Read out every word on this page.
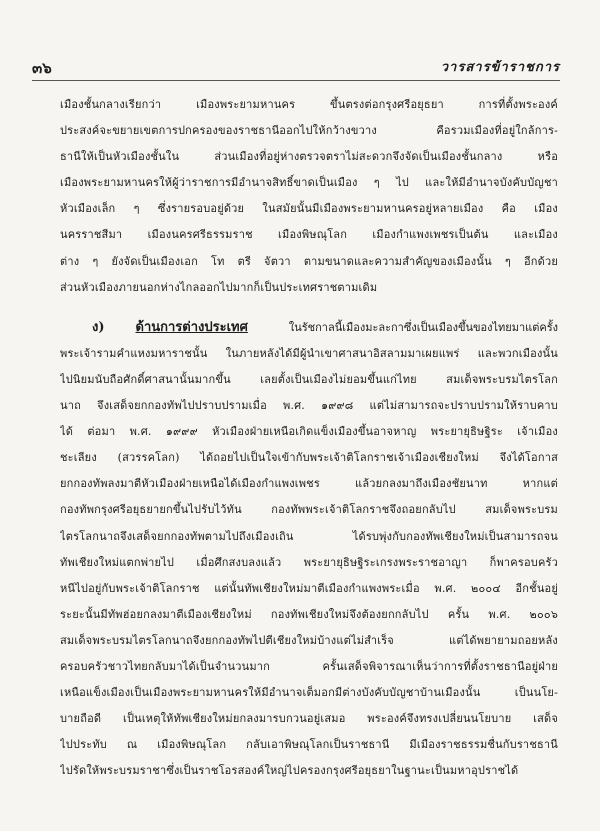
๓๖	วารสารข้าราชการ
เมืองชั้นกลางเรียกว่า เมืองพระยามหานคร ขึ้นตรงต่อกรุงศรีอยุธยา การที่ตั้งพระองค์
ประสงค์จะขยายเขตการปกครองของราชธานีออกไปให้กว้างขวาง คือรวมเมืองที่อยู่ใกล้การ-
ธานีให้เป็นหัวเมืองชั้นใน ส่วนเมืองที่อยู่ห่างตรวจตราไม่สะดวกจึงจัดเป็นเมืองชั้นกลาง หรือ
เมืองพระยามหานครให้ผู้ว่าราชการมีอำนาจสิทธิ์ขาดเป็นเมือง ๆ ไป และให้มีอำนาจบังคับบัญชา
หัวเมืองเล็ก ๆ ซึ่งรายรอบอยู่ด้วย ในสมัยนั้นมีเมืองพระยามหานครอยู่หลายเมือง คือ เมือง
นครราชสีมา เมืองนครศรีธรรมราช เมืองพิษณุโลก เมืองกำแพงเพชรเป็นต้น และเมือง
ต่าง ๆ ยังจัดเป็นเมืองเอก โท ตรี จัตวา ตามขนาดและความสำคัญของเมืองนั้น ๆ อีกด้วย
ส่วนหัวเมืองภายนอกห่างไกลออกไปมากก็เป็นประเทศราชตามเดิม
ง) ด้านการต่างประเทศ	ในรัชกาลนี้เมืองมะละกาซึ่งเป็นเมืองขึ้นของไทยมาแต่ครั้ง
พระเจ้ารามคำแหงมหาราชนั้น ในภายหลังได้มีผู้นำเขาศาสนาอิสลามมาเผยแพร่ และพวกเมืองนั้น
ไปนิยมนับถือศักดิ์ศาสนานั้นมากขึ้น เลยตั้งเป็นเมืองไม่ยอมขึ้นแก่ไทย สมเด็จพระบรมไตรโลก
นาถ จึงเสด็จยกกองทัพไปปราบปรามเมื่อ พ.ศ. ๑๙๙๘ แต่ไม่สามารถจะปราบปรามให้ราบคาบ
ได้ ต่อมา พ.ศ. ๑๙๙๙ หัวเมืองฝ่ายเหนือเกิดแข็งเมืองขึ้นอาจหาญ พระยายุธิษฐิระ เจ้าเมือง
ชะเลียง (สวรรคโลก) ได้ถอยไปเป็นใจเข้ากับพระเจ้าติโลกราชเจ้าเมืองเชียงใหม่ จึงได้โอกาส
ยกกองทัพลงมาตีหัวเมืองฝ่ายเหนือได้เมืองกำแพงเพชร แล้วยกลงมาถึงเมืองชัยนาท หากแต่
กองทัพกรุงศรีอยุธยายกขึ้นไปรับไว้ทัน กองทัพพระเจ้าติโลกราชจึงถอยกลับไป สมเด็จพระบรม
ไตรโลกนาถจึงเสด็จยกกองทัพตามไปถึงเมืองเถิน ได้รบพุ่งกับกองทัพเชียงใหม่เป็นสามารถจน
ทัพเชียงใหม่แตกพ่ายไป เมื่อศึกสงบลงแล้ว พระยายุธิษฐิระเกรงพระราชอาญา ก็พาครอบครัว
หนีไปอยู่กับพระเจ้าติโลกราช แต่นั้นทัพเชียงใหม่มาตีเมืองกำแพงพระเมื่อ พ.ศ. ๒๐๐๔ อีกชั้นอยู่
ระยะนั้นมีทัพฮ่อยกลงมาตีเมืองเชียงใหม่ กองทัพเชียงใหม่จึงต้องยกกลับไป ครั้น พ.ศ. ๒๐๐๖
สมเด็จพระบรมไตรโลกนาถจึงยกกองทัพไปตีเชียงใหม่บ้างแต่ไม่สำเร็จ แต่ได้พยายามถอยหลัง
ครอบครัวชาวไทยกลับมาได้เป็นจำนวนมาก ครั้นเสด็จพิจารณาเห็นว่าการที่ตั้งราชธานีอยู่ฝ่าย
เหนือแข็งเมืองเป็นเมืองพระยามหานครให้มีอำนาจเต็มอกมีต่างบังคับบัญชาบ้านเมืองนั้น เป็นนโย-
บายถือดี เป็นเหตุให้ทัพเชียงใหม่ยกลงมารบกวนอยู่เสมอ พระองค์จึงทรงเปลี่ยนนโยบาย เสด็จ
ไปประทับ ณ เมืองพิษณุโลก กลับเอาพิษณุโลกเป็นราชธานี มีเมืองราชธรรมชื่นกับราชธานี
ไปรัดให้พระบรมราชาซึ่งเป็นราชโอรสองค์ใหญ่ไปครองกรุงศรีอยุธยาในฐานะเป็นมหาอุปราชได้
